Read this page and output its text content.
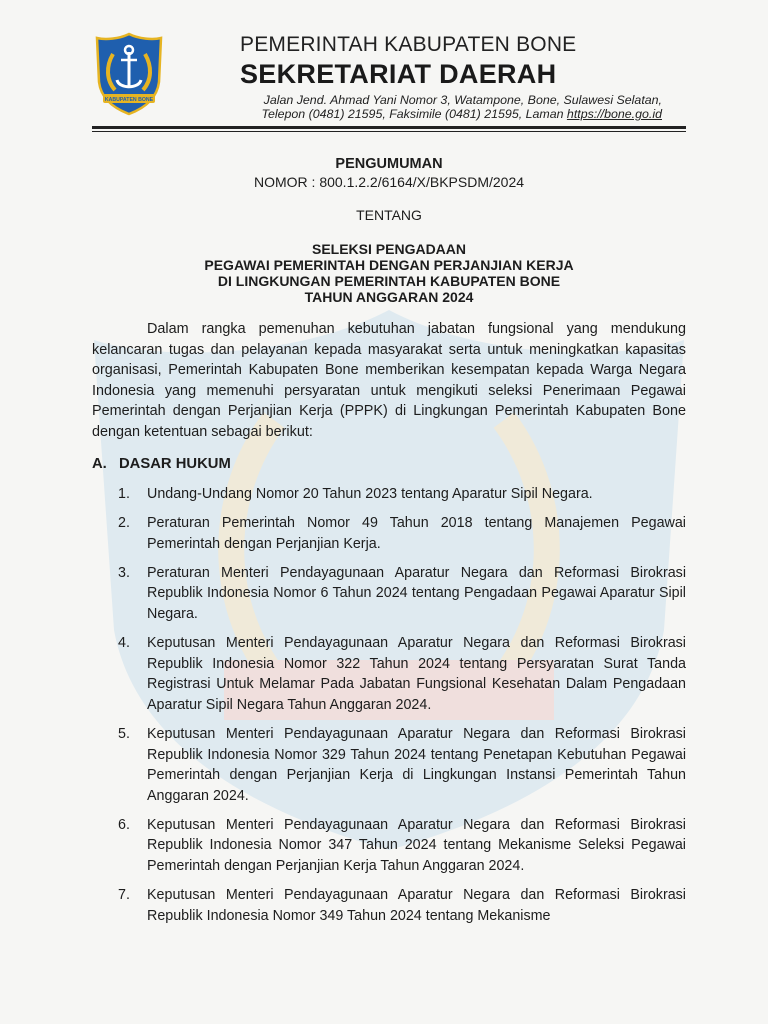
KABUPATEN BONE
PEMERINTAH KABUPATEN BONE
SEKRETARIAT DAERAH
Jalan Jend. Ahmad Yani Nomor 3, Watampone, Bone, Sulawesi Selatan,
Telepon (0481) 21595, Faksimile (0481) 21595, Laman https://bone.go.id
PENGUMUMAN
NOMOR : 800.1.2.2/6164/X/BKPSDM/2024
TENTANG
SELEKSI PENGADAAN
PEGAWAI PEMERINTAH DENGAN PERJANJIAN KERJA
DI LINGKUNGAN PEMERINTAH KABUPATEN BONE
TAHUN ANGGARAN 2024
Dalam rangka pemenuhan kebutuhan jabatan fungsional yang mendukung kelancaran tugas dan pelayanan kepada masyarakat serta untuk meningkatkan kapasitas organisasi, Pemerintah Kabupaten Bone memberikan kesempatan kepada Warga Negara Indonesia yang memenuhi persyaratan untuk mengikuti seleksi Penerimaan Pegawai Pemerintah dengan Perjanjian Kerja (PPPK) di Lingkungan Pemerintah Kabupaten Bone dengan ketentuan sebagai berikut:
A. DASAR HUKUM
1. Undang-Undang Nomor 20 Tahun 2023 tentang Aparatur Sipil Negara.
2. Peraturan Pemerintah Nomor 49 Tahun 2018 tentang Manajemen Pegawai Pemerintah dengan Perjanjian Kerja.
3. Peraturan Menteri Pendayagunaan Aparatur Negara dan Reformasi Birokrasi Republik Indonesia Nomor 6 Tahun 2024 tentang Pengadaan Pegawai Aparatur Sipil Negara.
4. Keputusan Menteri Pendayagunaan Aparatur Negara dan Reformasi Birokrasi Republik Indonesia Nomor 322 Tahun 2024 tentang Persyaratan Surat Tanda Registrasi Untuk Melamar Pada Jabatan Fungsional Kesehatan Dalam Pengadaan Aparatur Sipil Negara Tahun Anggaran 2024.
5. Keputusan Menteri Pendayagunaan Aparatur Negara dan Reformasi Birokrasi Republik Indonesia Nomor 329 Tahun 2024 tentang Penetapan Kebutuhan Pegawai Pemerintah dengan Perjanjian Kerja di Lingkungan Instansi Pemerintah Tahun Anggaran 2024.
6. Keputusan Menteri Pendayagunaan Aparatur Negara dan Reformasi Birokrasi Republik Indonesia Nomor 347 Tahun 2024 tentang Mekanisme Seleksi Pegawai Pemerintah dengan Perjanjian Kerja Tahun Anggaran 2024.
7. Keputusan Menteri Pendayagunaan Aparatur Negara dan Reformasi Birokrasi Republik Indonesia Nomor 349 Tahun 2024 tentang Mekanisme
